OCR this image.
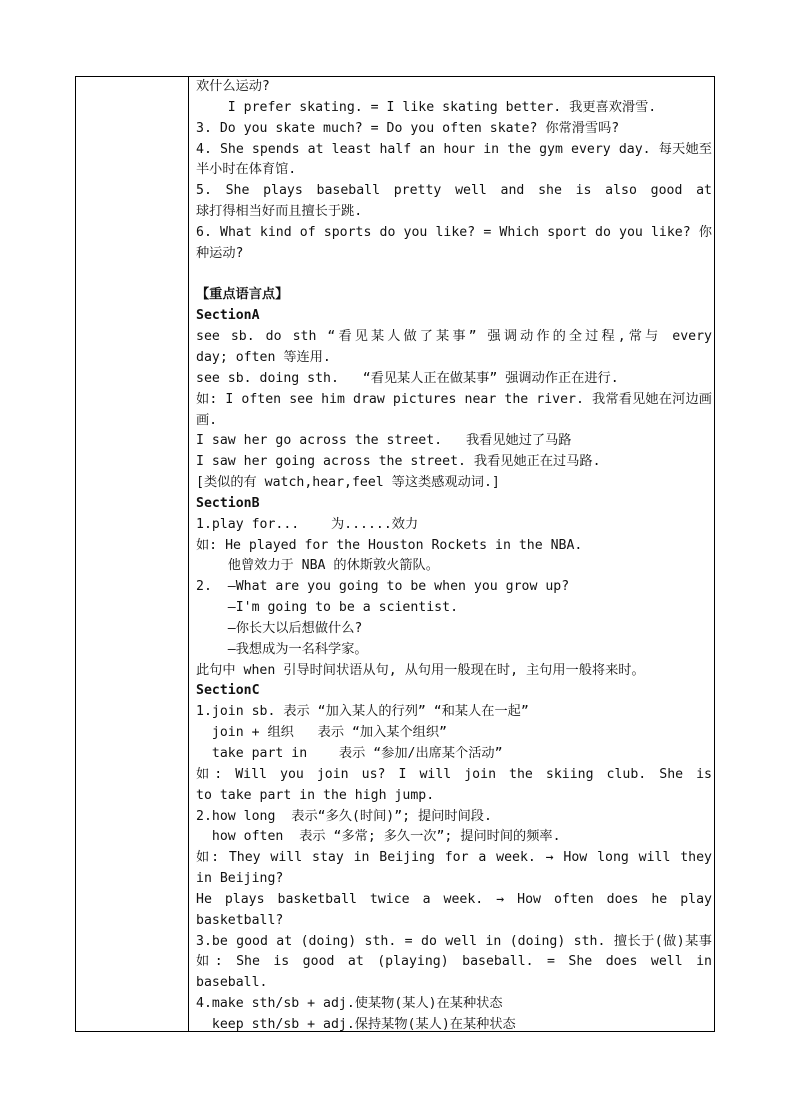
欢什么运动?
I prefer skating. = I like skating better. 我更喜欢滑雪.
3. Do you skate much? = Do you often skate? 你常滑雪吗?
4. She spends at least half an hour in the gym every day. 每天她至
半小时在体育馆.
5. She plays baseball pretty well and she is also good at
球打得相当好而且擅长于跳.
6. What kind of sports do you like? = Which sport do you like? 你
种运动?
【重点语言点】
SectionA
see sb. do sth “看见某人做了某事” 强调动作的全过程,常与 every
day; often 等连用.
see sb. doing sth.   “看见某人正在做某事” 强调动作正在进行.
如: I often see him draw pictures near the river. 我常看见她在河边画
画.
I saw her go across the street.   我看见她过了马路
I saw her going across the street. 我看见她正在过马路.
[类似的有 watch,hear,feel 等这类感观动词.]
SectionB
1.play for...    为......效力
如: He played for the Houston Rockets in the NBA.
他曾效力于 NBA 的休斯敦火箭队。
2.  —What are you going to be when you grow up?
—I'm going to be a scientist.
—你长大以后想做什么?
—我想成为一名科学家。
此句中 when 引导时间状语从句, 从句用一般现在时, 主句用一般将来时。
SectionC
1.join sb. 表示 “加入某人的行列” “和某人在一起”
join + 组织   表示 “加入某个组织”
take part in    表示 “参加/出席某个活动”
如: Will you join us? I will join the skiing club. She is
to take part in the high jump.
2.how long  表示“多久(时间)”; 提问时间段.
how often  表示 “多常; 多久一次”; 提问时间的频率.
如: They will stay in Beijing for a week. → How long will they
in Beijing?
He plays basketball twice a week. → How often does he play
basketball?
3.be good at (doing) sth. = do well in (doing) sth. 擅长于(做)某事
如: She is good at (playing) baseball. = She does well in
baseball.
4.make sth/sb + adj.使某物(某人)在某种状态
keep sth/sb + adj.保持某物(某人)在某种状态
